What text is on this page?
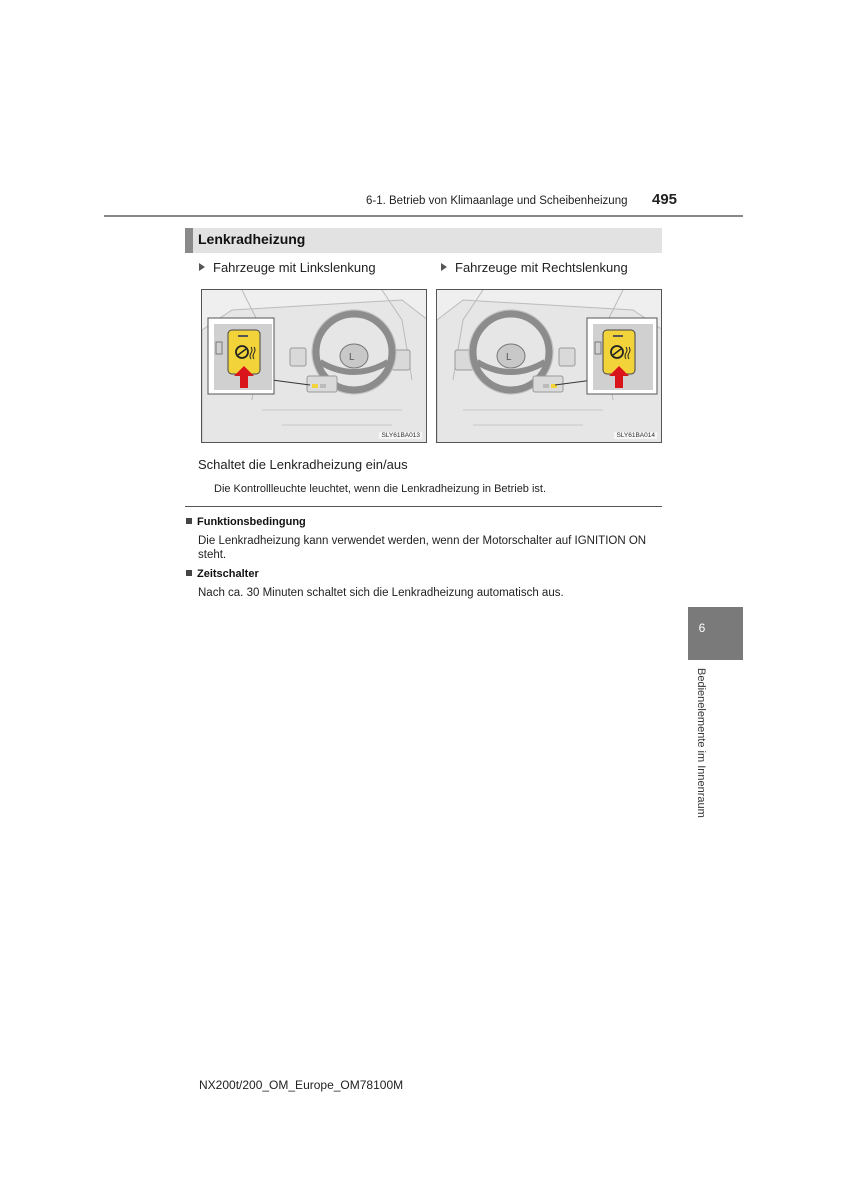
6-1. Betrieb von Klimaanlage und Scheibenheizung 495
Lenkradheizung
Fahrzeuge mit Linkslenkung	Fahrzeuge mit Rechtslenkung
L
SLY61BA013
L
SLY61BA014
Schaltet die Lenkradheizung ein/aus
Die Kontrollleuchte leuchtet, wenn die Lenkradheizung in Betrieb ist.
Funktionsbedingung
Die Lenkradheizung kann verwendet werden, wenn der Motorschalter auf IGNITION ON steht.
Zeitschalter
Nach ca. 30 Minuten schaltet sich die Lenkradheizung automatisch aus.
6
Bedienelemente im Innenraum
NX200t/200_OM_Europe_OM78100M
